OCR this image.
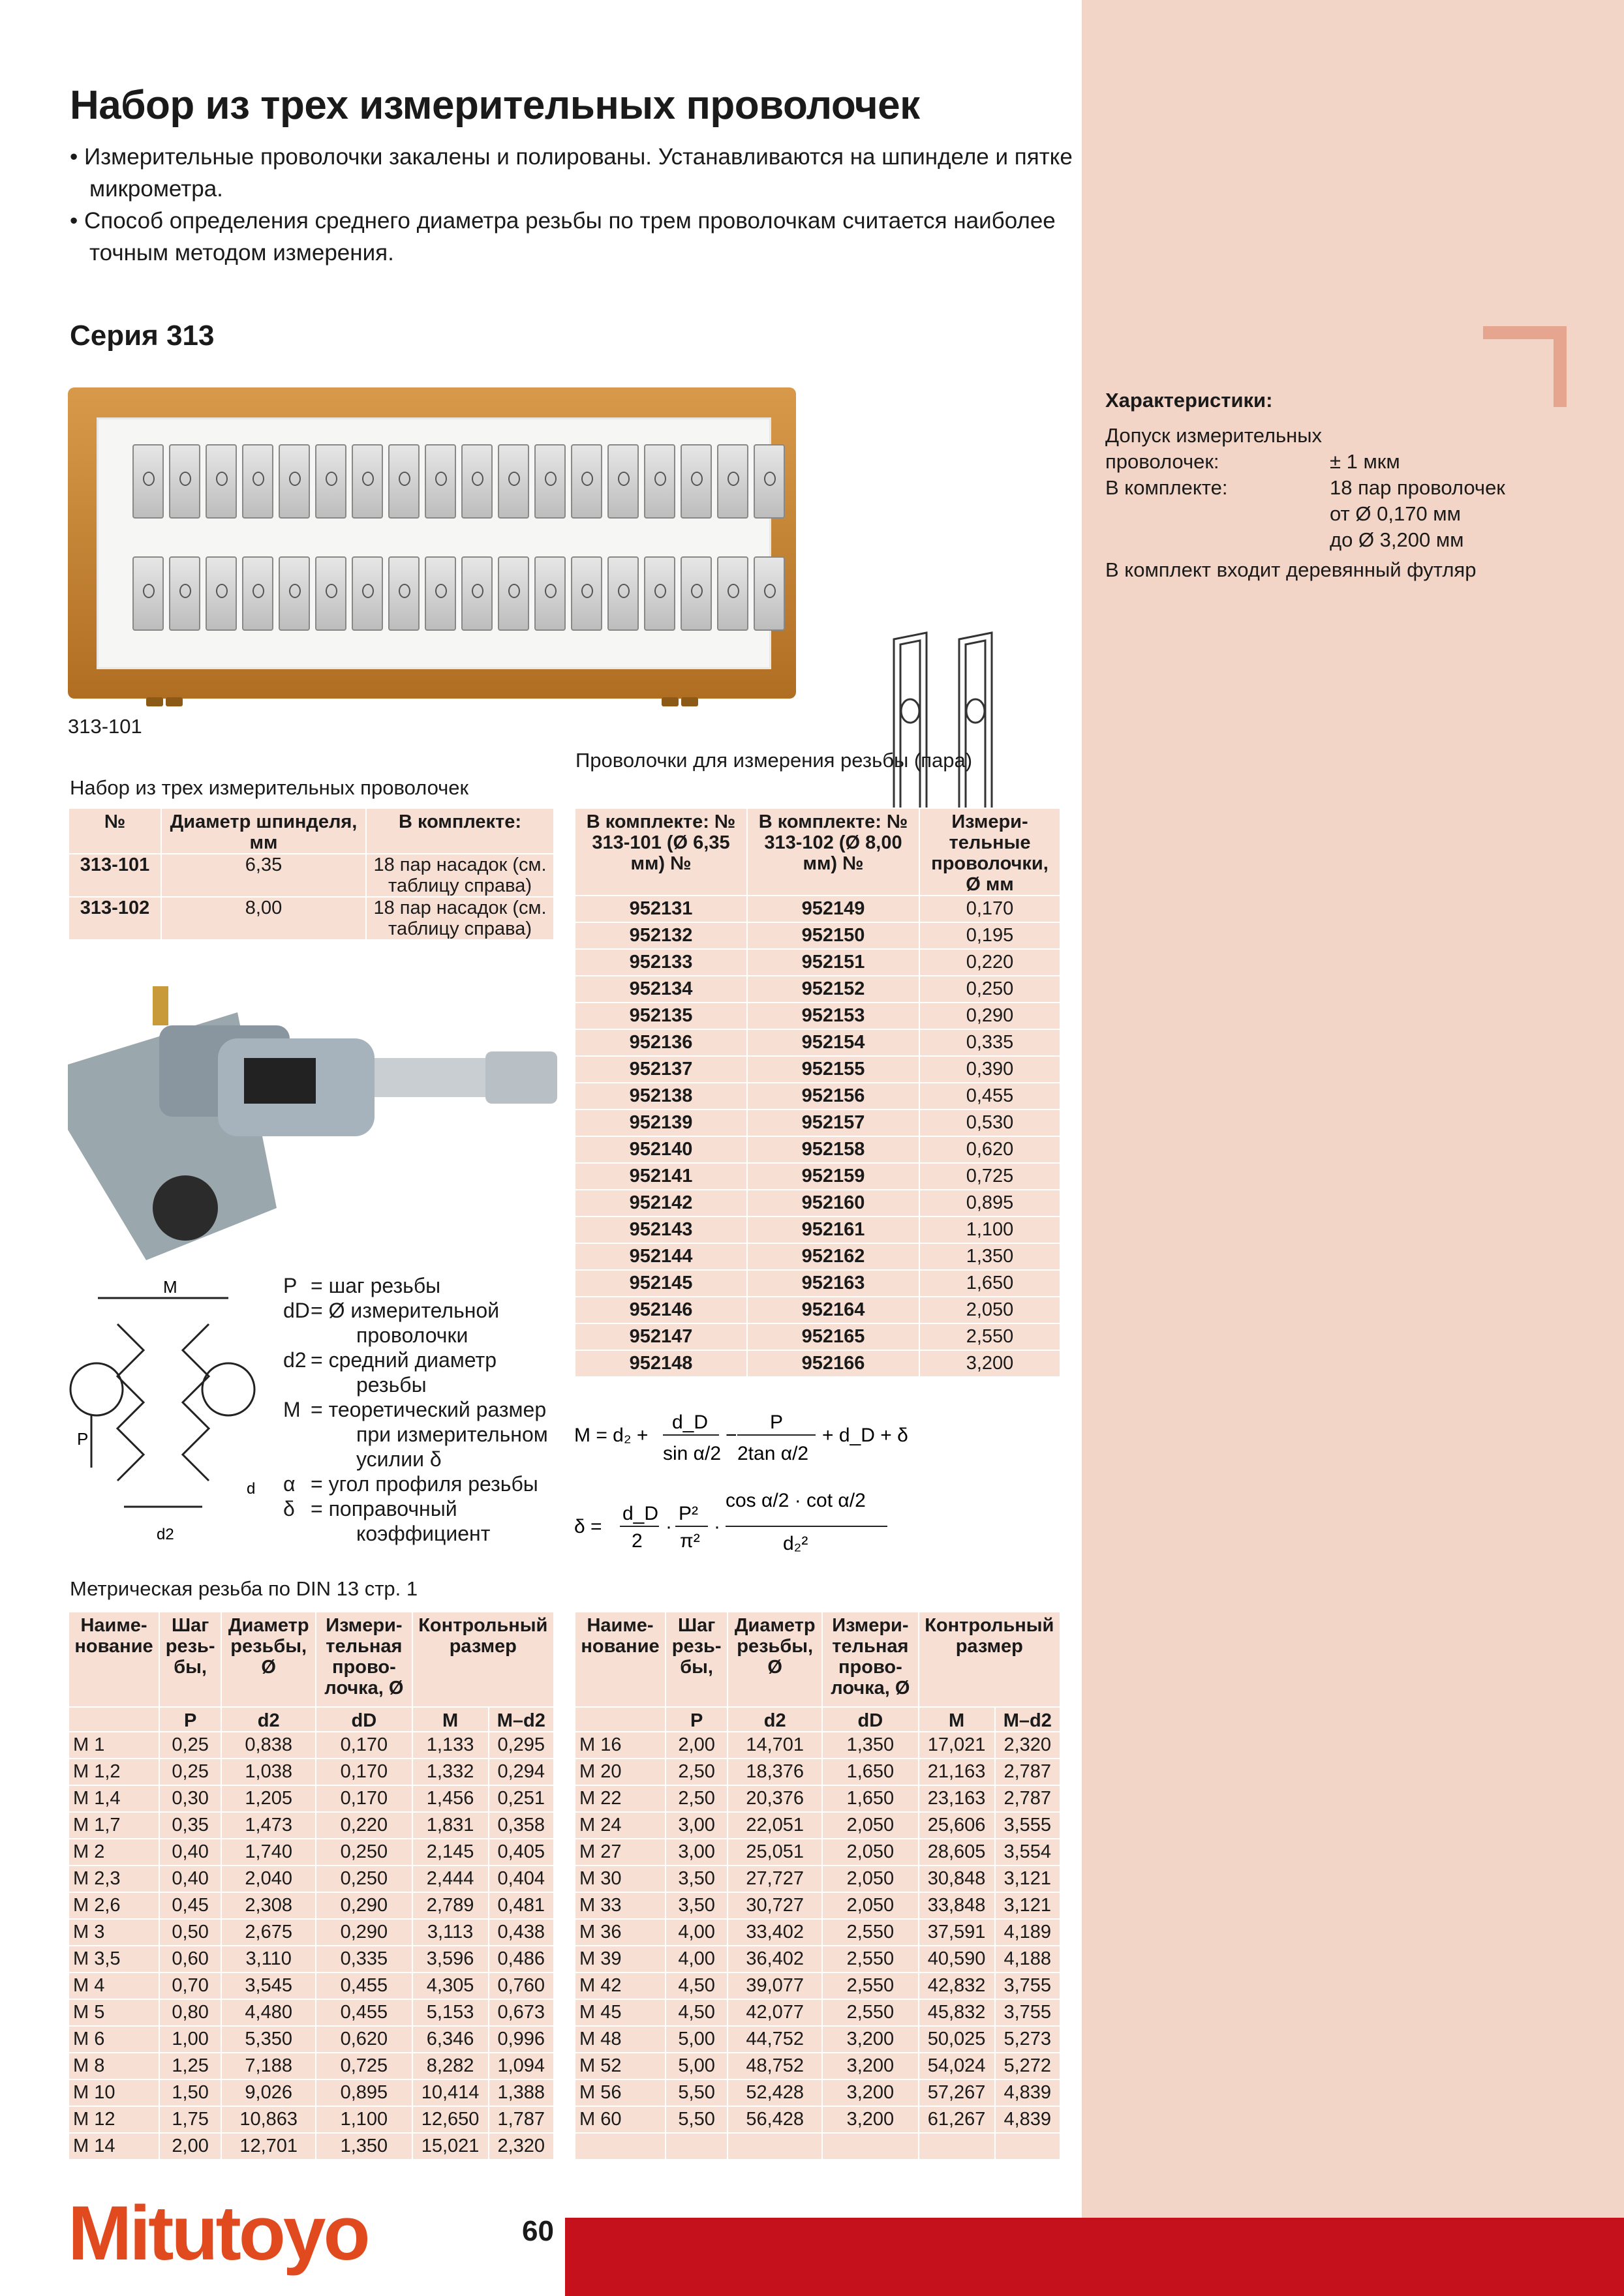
Характеристики:
Допуск измерительных
проволочек:	± 1 мкм
В комплекте:	18 пар проволочек
от Ø 0,170 мм
до Ø 3,200 мм
В комплект входит деревянный футляр
Набор из трех измерительных проволочек
• Измерительные проволочки закалены и полированы. Устанавливаются на шпинделе и пятке микрометра.
• Способ определения среднего диаметра резьбы по трем проволочкам считается наиболее точным методом измерения.
Серия 313
313-101
Набор из трех измерительных проволочек
№	Диаметр шпинделя, мм	В комплекте:
313-101	6,35	18 пар насадок (см. таблицу справа)
313-102	8,00	18 пар насадок (см. таблицу справа)
Проволочки для измерения резьбы (пара)
В комплекте: № 313-101 (Ø 6,35 мм) №	В комплекте: № 313-102 (Ø 8,00 мм) №	Измери-тельные проволочки, Ø мм
952131	952149	0,170
952132	952150	0,195
952133	952151	0,220
952134	952152	0,250
952135	952153	0,290
952136	952154	0,335
952137	952155	0,390
952138	952156	0,455
952139	952157	0,530
952140	952158	0,620
952141	952159	0,725
952142	952160	0,895
952143	952161	1,100
952144	952162	1,350
952145	952163	1,650
952146	952164	2,050
952147	952165	2,550
952148	952166	3,200
M
P
d
d2
P = шаг резьбы
dD = Ø измерительной
проволочки
d2 = средний диаметр
резьбы
M = теоретический размер
при измерительном
усилии δ
α = угол профиля резьбы
δ = поправочный
коэффициент
M = d₂ +
d_D
sin α/2
−
P
2tan α/2
+ d_D + δ
δ =
d_D
2
·
P²
π²
·
cos α/2 · cot α/2
d₂²
Метрическая резьба по DIN 13 стр. 1
Наиме-нование	Шаг резь-бы,	Диаметр резьбы, Ø	Измери-тельная прово-лочка, Ø	Контрольный размер	
	P	d2	dD	M	M–d2
M 1	0,25	0,838	0,170	1,133	0,295
M 1,2	0,25	1,038	0,170	1,332	0,294
M 1,4	0,30	1,205	0,170	1,456	0,251
M 1,7	0,35	1,473	0,220	1,831	0,358
M 2	0,40	1,740	0,250	2,145	0,405
M 2,3	0,40	2,040	0,250	2,444	0,404
M 2,6	0,45	2,308	0,290	2,789	0,481
M 3	0,50	2,675	0,290	3,113	0,438
M 3,5	0,60	3,110	0,335	3,596	0,486
M 4	0,70	3,545	0,455	4,305	0,760
M 5	0,80	4,480	0,455	5,153	0,673
M 6	1,00	5,350	0,620	6,346	0,996
M 8	1,25	7,188	0,725	8,282	1,094
M 10	1,50	9,026	0,895	10,414	1,388
M 12	1,75	10,863	1,100	12,650	1,787
M 14	2,00	12,701	1,350	15,021	2,320
Наиме-нование	Шаг резь-бы,	Диаметр резьбы, Ø	Измери-тельная прово-лочка, Ø	Контрольный размер	
	P	d2	dD	M	M–d2
M 16	2,00	14,701	1,350	17,021	2,320
M 20	2,50	18,376	1,650	21,163	2,787
M 22	2,50	20,376	1,650	23,163	2,787
M 24	3,00	22,051	2,050	25,606	3,555
M 27	3,00	25,051	2,050	28,605	3,554
M 30	3,50	27,727	2,050	30,848	3,121
M 33	3,50	30,727	2,050	33,848	3,121
M 36	4,00	33,402	2,550	37,591	4,189
M 39	4,00	36,402	2,550	40,590	4,188
M 42	4,50	39,077	2,550	42,832	3,755
M 45	4,50	42,077	2,550	45,832	3,755
M 48	5,00	44,752	3,200	50,025	5,273
M 52	5,00	48,752	3,200	54,024	5,272
M 56	5,50	52,428	3,200	57,267	4,839
M 60	5,50	56,428	3,200	61,267	4,839

Mitutoyo	60
